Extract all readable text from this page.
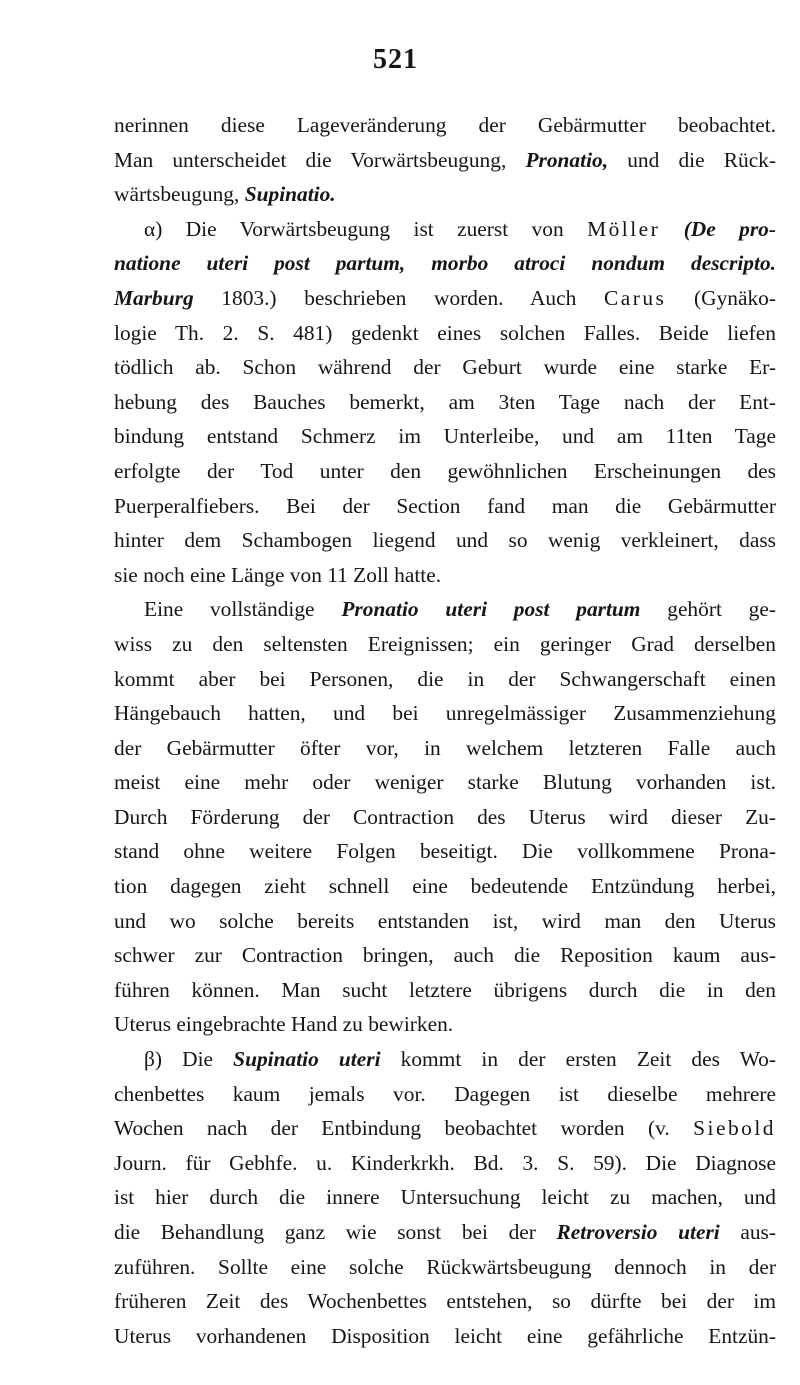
521
nerinnen diese Lageveränderung der Gebärmutter beobachtet.
Man unterscheidet die Vorwärtsbeugung, Pronatio, und die Rück-
wärtsbeugung, Supinatio.
α) Die Vorwärtsbeugung ist zuerst von Möller (De pro-
natione uteri post partum, morbo atroci nondum descripto.
Marburg 1803.) beschrieben worden. Auch Carus (Gynäko-
logie Th. 2. S. 481) gedenkt eines solchen Falles. Beide liefen
tödlich ab. Schon während der Geburt wurde eine starke Er-
hebung des Bauches bemerkt, am 3ten Tage nach der Ent-
bindung entstand Schmerz im Unterleibe, und am 11ten Tage
erfolgte der Tod unter den gewöhnlichen Erscheinungen des
Puerperalfiebers. Bei der Section fand man die Gebärmutter
hinter dem Schambogen liegend und so wenig verkleinert, dass
sie noch eine Länge von 11 Zoll hatte.
Eine vollständige Pronatio uteri post partum gehört ge-
wiss zu den seltensten Ereignissen; ein geringer Grad derselben
kommt aber bei Personen, die in der Schwangerschaft einen
Hängebauch hatten, und bei unregelmässiger Zusammenziehung
der Gebärmutter öfter vor, in welchem letzteren Falle auch
meist eine mehr oder weniger starke Blutung vorhanden ist.
Durch Förderung der Contraction des Uterus wird dieser Zu-
stand ohne weitere Folgen beseitigt. Die vollkommene Prona-
tion dagegen zieht schnell eine bedeutende Entzündung herbei,
und wo solche bereits entstanden ist, wird man den Uterus
schwer zur Contraction bringen, auch die Reposition kaum aus-
führen können. Man sucht letztere übrigens durch die in den
Uterus eingebrachte Hand zu bewirken.
β) Die Supinatio uteri kommt in der ersten Zeit des Wo-
chenbettes kaum jemals vor. Dagegen ist dieselbe mehrere
Wochen nach der Entbindung beobachtet worden (v. Siebold
Journ. für Gebhfe. u. Kinderkrkh. Bd. 3. S. 59). Die Diagnose
ist hier durch die innere Untersuchung leicht zu machen, und
die Behandlung ganz wie sonst bei der Retroversio uteri aus-
zuführen. Sollte eine solche Rückwärtsbeugung dennoch in der
früheren Zeit des Wochenbettes entstehen, so dürfte bei der im
Uterus vorhandenen Disposition leicht eine gefährliche Entzün-
